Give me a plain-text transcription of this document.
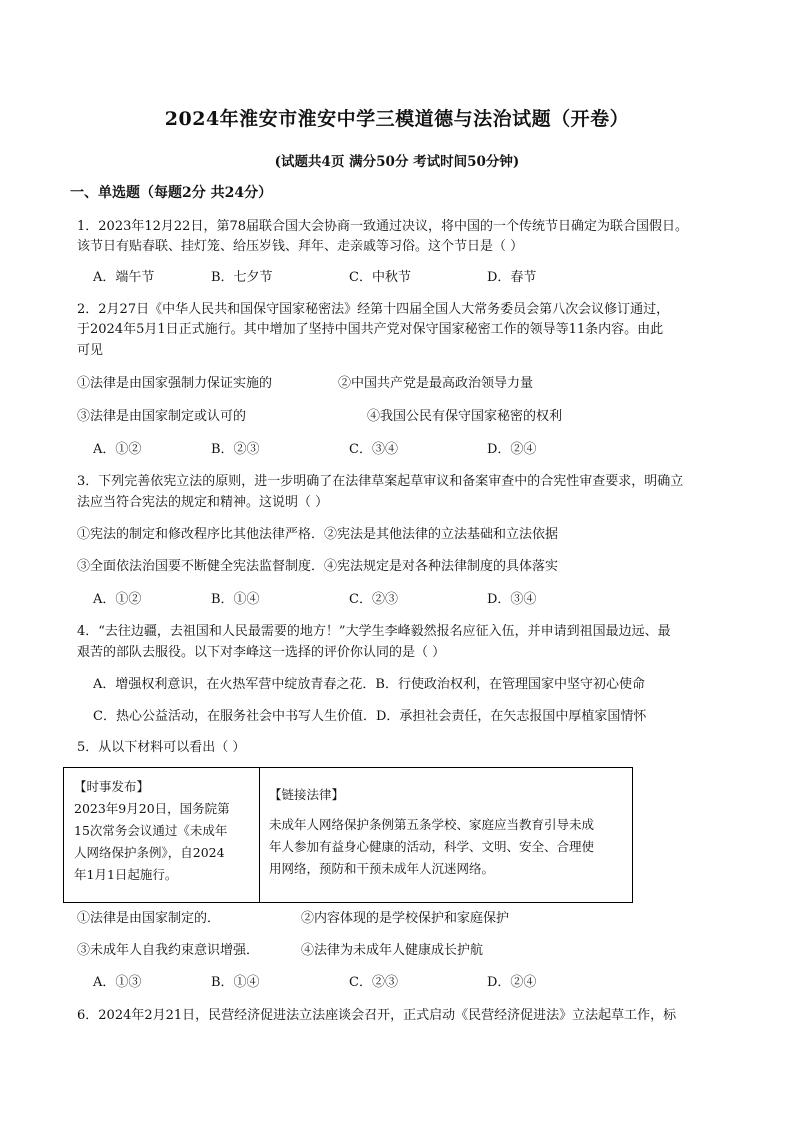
2024年淮安市淮安中学三模道德与法治试题（开卷）
(试题共4页 满分50分 考试时间50分钟)
一、单选题（每题2分 共24分）
1．2023年12月22日，第78届联合国大会协商一致通过决议，将中国的一个传统节日确定为联合国假日。
该节日有贴春联、挂灯笼、给压岁钱、拜年、走亲戚等习俗。这个节日是（ ）
A．端午节	B．七夕节	C．中秋节	D．春节
2．2月27日《中华人民共和国保守国家秘密法》经第十四届全国人大常务委员会第八次会议修订通过，
于2024年5月1日正式施行。其中增加了坚持中国共产党对保守国家秘密工作的领导等11条内容。由此
可见
①法律是由国家强制力保证实施的	②中国共产党是最高政治领导力量
③法律是由国家制定或认可的	④我国公民有保守国家秘密的权利
A．①②	B．②③	C．③④	D．②④
3．下列完善依宪立法的原则，进一步明确了在法律草案起草审议和备案审查中的合宪性审查要求，明确立
法应当符合宪法的规定和精神。这说明（ ）
①宪法的制定和修改程序比其他法律严格．②宪法是其他法律的立法基础和立法依据
③全面依法治国要不断健全宪法监督制度．④宪法规定是对各种法律制度的具体落实
A．①②	B．①④	C．②③	D．③④
4．“去往边疆，去祖国和人民最需要的地方！”大学生李峰毅然报名应征入伍，并申请到祖国最边远、最
艰苦的部队去服役。以下对李峰这一选择的评价你认同的是（ ）
A．增强权利意识，在火热军营中绽放青春之花．B．行使政治权利，在管理国家中坚守初心使命
C．热心公益活动，在服务社会中书写人生价值．D．承担社会责任，在矢志报国中厚植家国情怀
5．从以下材料可以看出（ ）
【时事发布】
2023年9月20日，国务院第
15次常务会议通过《未成年
人网络保护条例》，自2024
年1月1日起施行。
【链接法律】
未成年人网络保护条例第五条学校、家庭应当教育引导未成
年人参加有益身心健康的活动，科学、文明、安全、合理使
用网络，预防和干预未成年人沉迷网络。
①法律是由国家制定的．	②内容体现的是学校保护和家庭保护
③未成年人自我约束意识增强．	④法律为未成年人健康成长护航
A．①③	B．①④	C．②③	D．②④
6．2024年2月21日，民营经济促进法立法座谈会召开，正式启动《民营经济促进法》立法起草工作，标
